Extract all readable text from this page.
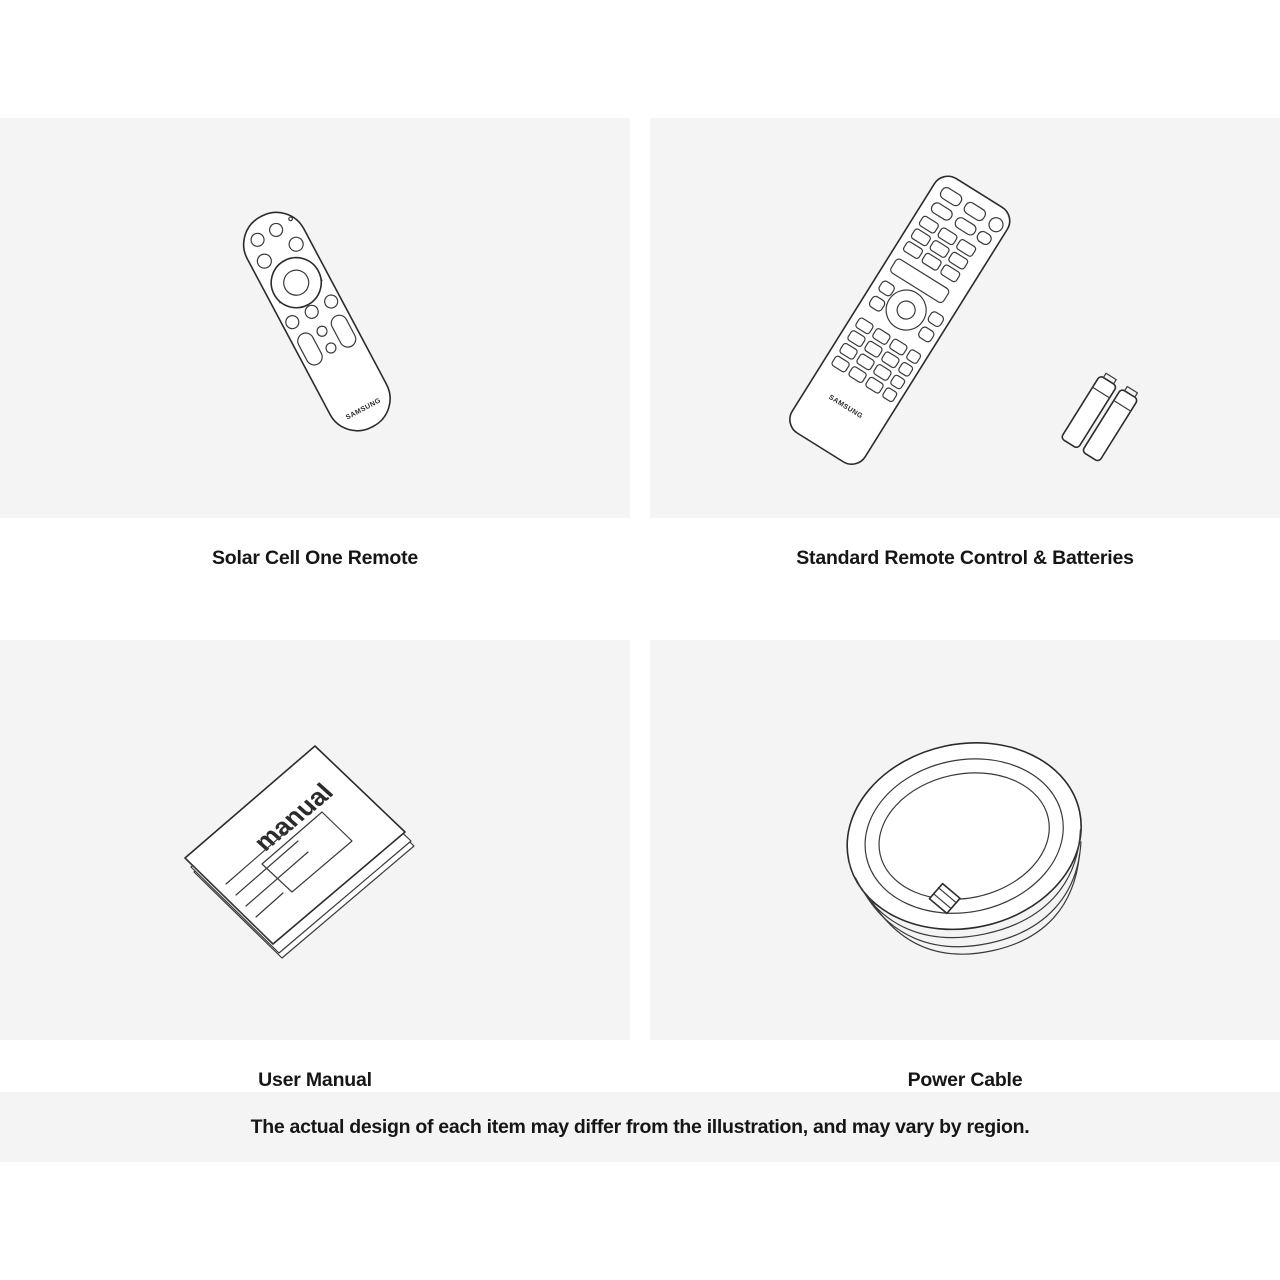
SAMSUNG
Solar Cell One Remote
SAMSUNG
Standard Remote Control & Batteries
manual
User Manual	Power Cable
The actual design of each item may differ from the illustration, and may vary by region.
